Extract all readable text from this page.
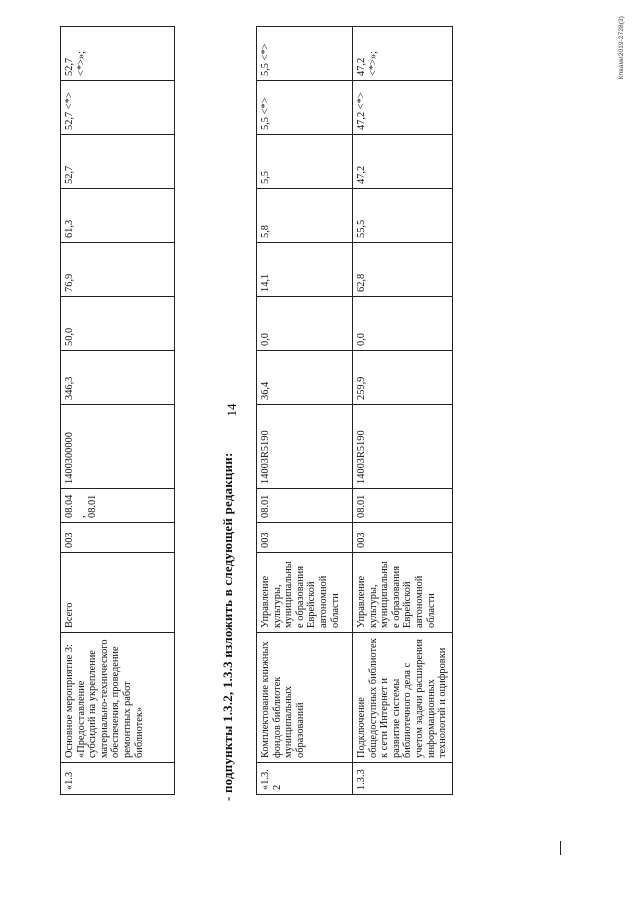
14
«1.3	Основное мероприятие 3: «Предоставление субсидий на укрепление материально-технического обеспечения, проведение ремонтных работ библиотек»	Всего	003	08.04, 08.01	1400300000	346,3	50,0	76,9	61,3	52,7	52,7 <*>	52,7 <*>»;
- подпункты 1.3.2, 1.3.3 изложить в следующей редакции: «1.3.2	Комплектование книжных фондов библиотек муниципальных образований	Управление культуры, муниципальные образования Еврейской автономной области	003	08.01	14003R5190	36,4	0,0	14,1	5,8	5,5	5,5 <*>	5,5 <*>
1.3.3	Подключение общедоступных библиотек к сети Интернет и развитие системы библиотечного дела с учетом задачи расширения информационных технологий и оцифровки	Управление культуры, муниципальные образования Еврейской автономной области	003	08.01	14003R5190	259,9	0,0	62,8	55,5	47,2	47,2 <*>	47,2 <*>»;	Кпвами2019-2728(3)
